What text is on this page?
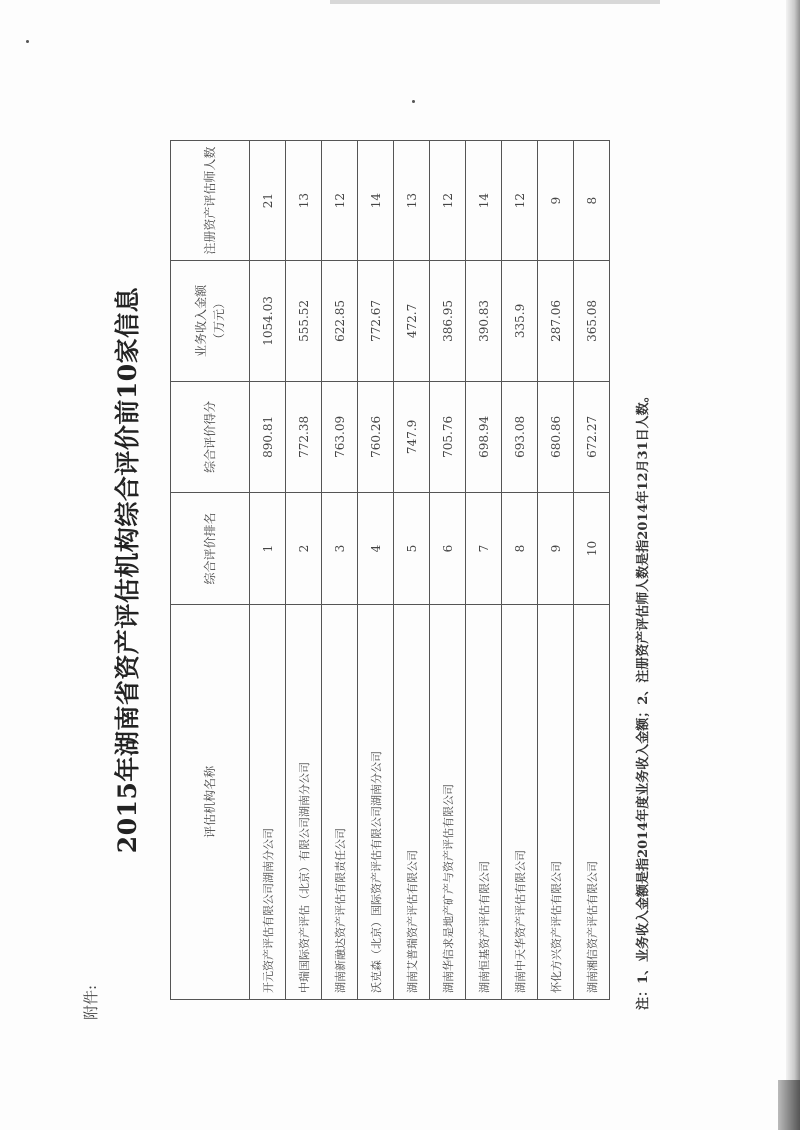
附件:
2015年湖南省资产评估机构综合评价前10家信息	评估机构名称	综合评价排名	综合评价得分	业务收入金额 （万元）	注册资产评估师人数
开元资产评估有限公司湖南分公司	1	890.81	1054.03	21
中瑞国际资产评估（北京）有限公司湖南分公司	2	772.38	555.52	13
湖南新融达资产评估有限责任公司	3	763.09	622.85	12
沃克森（北京）国际资产评估有限公司湖南分公司	4	760.26	772.67	14
湖南艾普瑞资产评估有限公司	5	747.9	472.7	13
湖南华信求是地产矿产与资产评估有限公司	6	705.76	386.95	12
湖南恒基资产评估有限公司	7	698.94	390.83	14
湖南中天华资产评估有限公司	8	693.08	335.9	12
怀化方兴资产评估有限公司	9	680.86	287.06	9
湖南湘信资产评估有限公司	10	672.27	365.08	8
注：1、业务收入金额是指2014年度业务收入金额；2、注册资产评估师人数是指2014年12月31日人数。
